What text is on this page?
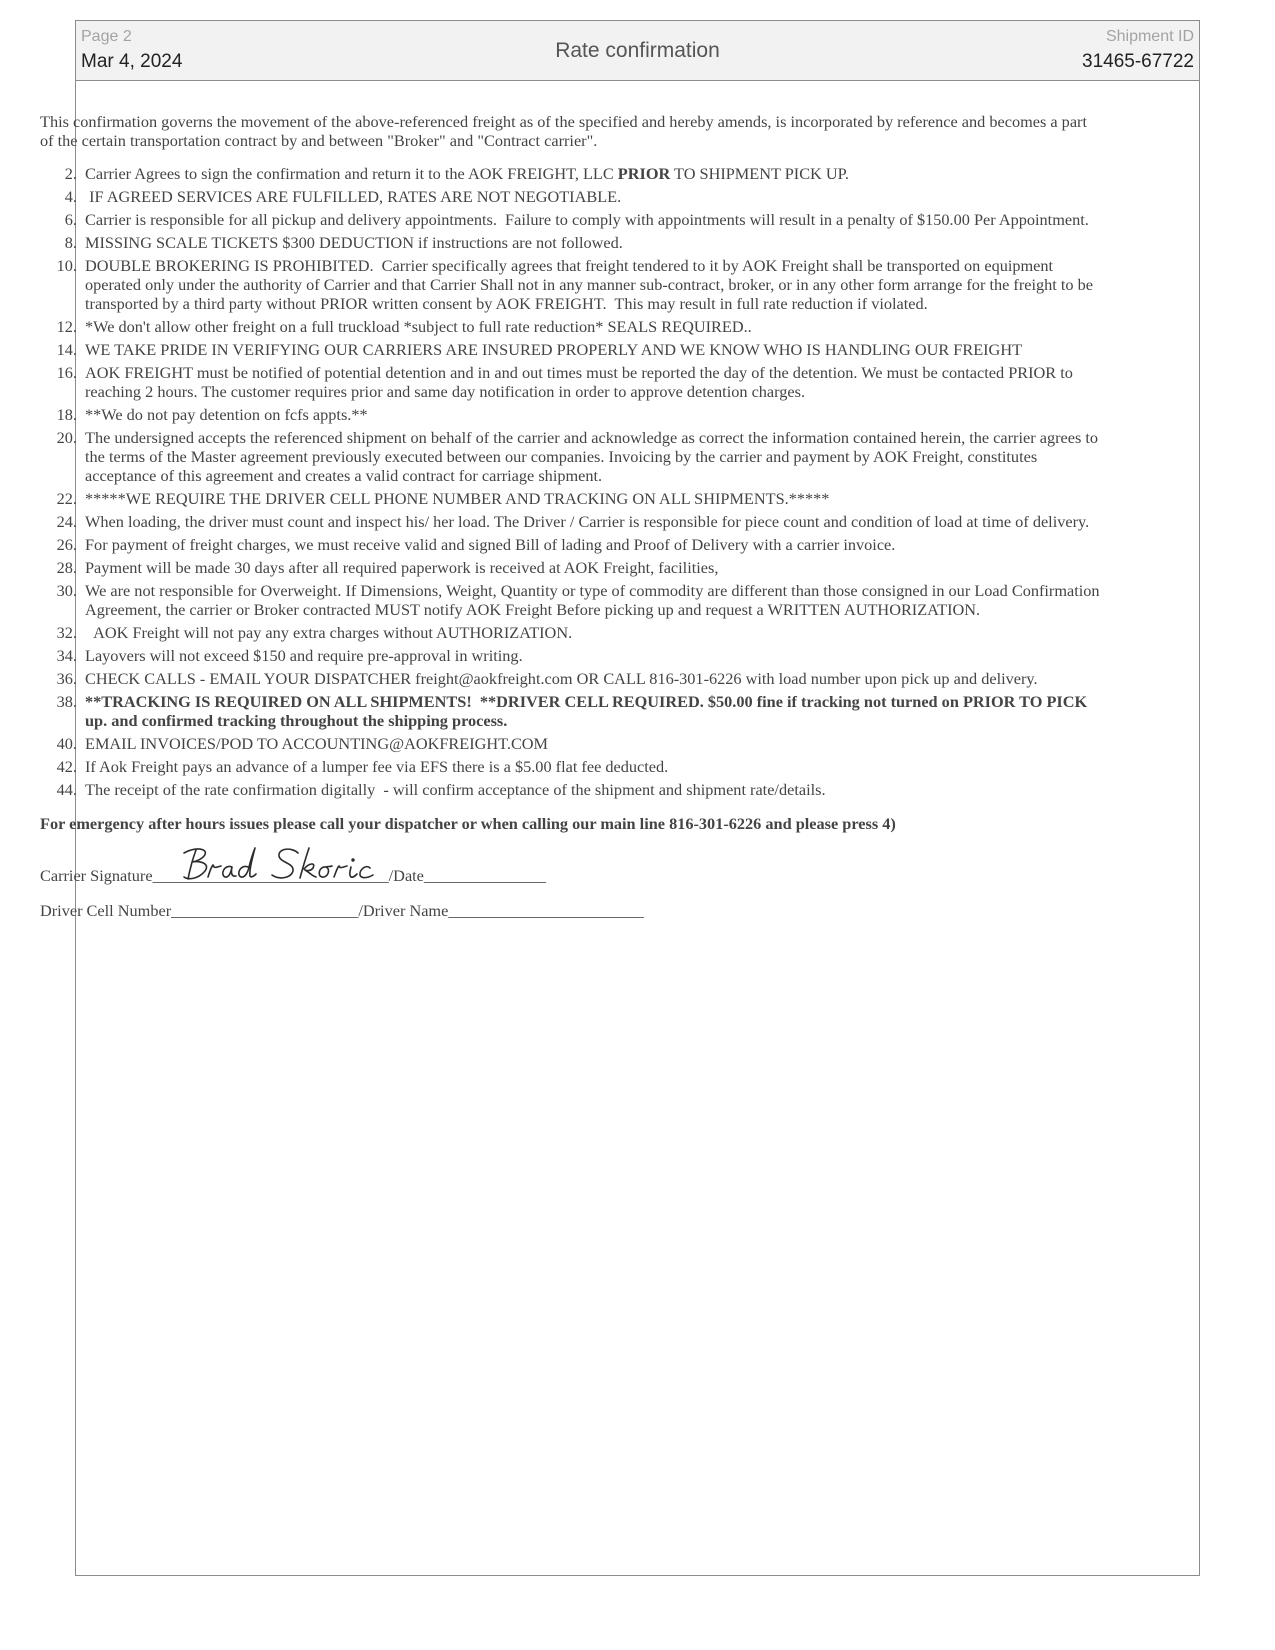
Page 2
Mar 4, 2024	Rate confirmation
Shipment ID
31465-67722

This confirmation governs the movement of the above-referenced freight as of the specified and hereby amends, is incorporated by reference and becomes a part of the certain transportation contract by and between "Broker" and "Contract carrier".

2. Carrier Agrees to sign the confirmation and return it to the AOK FREIGHT, LLC PRIOR TO SHIPMENT PICK UP.
4. IF AGREED SERVICES ARE FULFILLED, RATES ARE NOT NEGOTIABLE.
6. Carrier is responsible for all pickup and delivery appointments.  Failure to comply with appointments will result in a penalty of $150.00 Per Appointment.
8. MISSING SCALE TICKETS $300 DEDUCTION if instructions are not followed.
10. DOUBLE BROKERING IS PROHIBITED.  Carrier specifically agrees that freight tendered to it by AOK Freight shall be transported on equipment operated only under the authority of Carrier and that Carrier Shall not in any manner sub-contract, broker, or in any other form arrange for the freight to be transported by a third party without PRIOR written consent by AOK FREIGHT.  This may result in full rate reduction if violated.
12. *We don't allow other freight on a full truckload *subject to full rate reduction* SEALS REQUIRED..
14. WE TAKE PRIDE IN VERIFYING OUR CARRIERS ARE INSURED PROPERLY AND WE KNOW WHO IS HANDLING OUR FREIGHT
16. AOK FREIGHT must be notified of potential detention and in and out times must be reported the day of the detention. We must be contacted PRIOR to reaching 2 hours. The customer requires prior and same day notification in order to approve detention charges.
18. **We do not pay detention on fcfs appts.**
20. The undersigned accepts the referenced shipment on behalf of the carrier and acknowledge as correct the information contained herein, the carrier agrees to the terms of the Master agreement previously executed between our companies. Invoicing by the carrier and payment by AOK Freight, constitutes acceptance of this agreement and creates a valid contract for carriage shipment.
22. *****WE REQUIRE THE DRIVER CELL PHONE NUMBER AND TRACKING ON ALL SHIPMENTS.*****
24. When loading, the driver must count and inspect his/ her load. The Driver / Carrier is responsible for piece count and condition of load at time of delivery.
26. For payment of freight charges, we must receive valid and signed Bill of lading and Proof of Delivery with a carrier invoice.
28. Payment will be made 30 days after all required paperwork is received at AOK Freight, facilities,
30. We are not responsible for Overweight. If Dimensions, Weight, Quantity or type of commodity are different than those consigned in our Load Confirmation Agreement, the carrier or Broker contracted MUST notify AOK Freight Before picking up and request a WRITTEN AUTHORIZATION.
32. AOK Freight will not pay any extra charges without AUTHORIZATION.
34. Layovers will not exceed $150 and require pre-approval in writing.
36. CHECK CALLS - EMAIL YOUR DISPATCHER freight@aokfreight.com OR CALL 816-301-6226 with load number upon pick up and delivery.
38. **TRACKING IS REQUIRED ON ALL SHIPMENTS!  **DRIVER CELL REQUIRED. $50.00 fine if tracking not turned on PRIOR TO PICK up. and confirmed tracking throughout the shipping process.
40. EMAIL INVOICES/POD TO ACCOUNTING@AOKFREIGHT.COM
42. If Aok Freight pays an advance of a lumper fee via EFS there is a $5.00 flat fee deducted.
44. The receipt of the rate confirmation digitally  - will confirm acceptance of the shipment and shipment rate/details.
For emergency after hours issues please call your dispatcher or when calling our main line 816-301-6226 and please press 4)
Carrier Signature_____________________________/Date_______________
Driver Cell Number_______________________/Driver Name________________________
